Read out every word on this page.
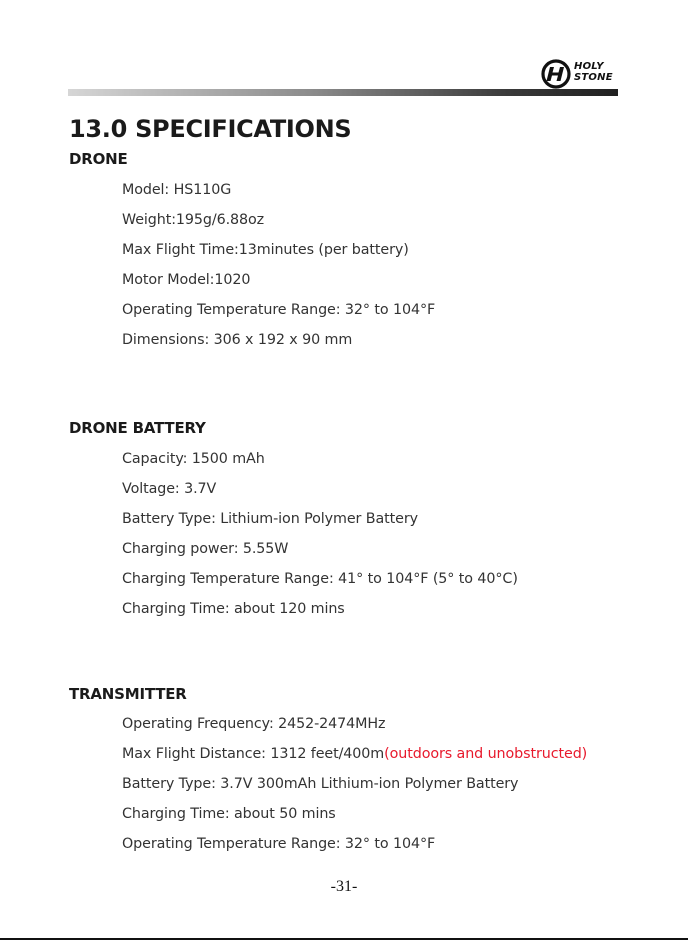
HOLY
STONE
13.0 SPECIFICATIONS
DRONE
Model: HS110G
Weight:195g/6.88oz
Max Flight Time:13minutes (per battery)
Motor Model:1020
Operating Temperature Range: 32° to 104°F
Dimensions: 306 x 192 x 90 mm
DRONE BATTERY
Capacity: 1500 mAh
Voltage: 3.7V
Battery Type: Lithium-ion Polymer Battery
Charging power: 5.55W
Charging Temperature Range: 41° to 104°F (5° to 40°C)
Charging Time: about 120 mins
TRANSMITTER
Operating Frequency: 2452-2474MHz
Max Flight Distance: 1312 feet/400m(outdoors and unobstructed)
Battery Type: 3.7V 300mAh Lithium-ion Polymer Battery
Charging Time: about 50 mins
Operating Temperature Range: 32° to 104°F
-31-
